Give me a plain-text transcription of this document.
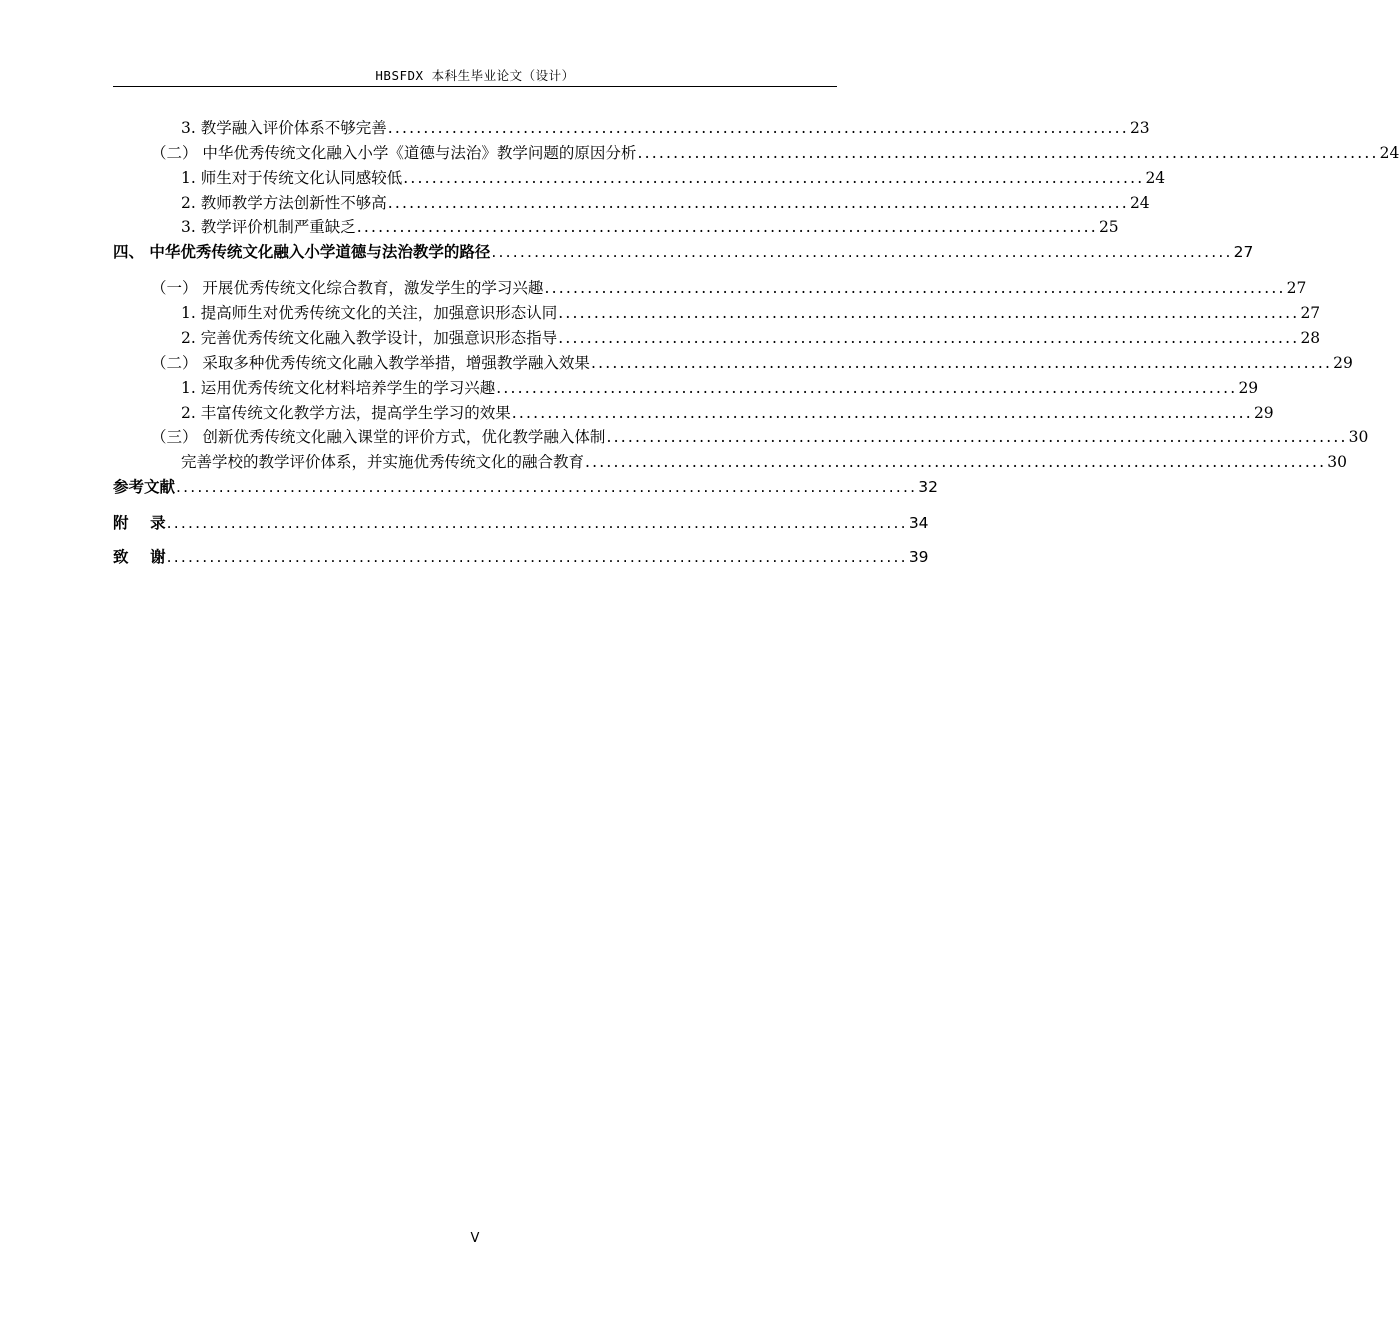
HBSFDX 本科生毕业论文（设计）
3. 教学融入评价体系不够完善 ........................................................................................................ 23
（二） 中华优秀传统文化融入小学《道德与法治》教学问题的原因分析 ........................................................................................................ 24
1. 师生对于传统文化认同感较低 ........................................................................................................ 24
2. 教师教学方法创新性不够高 ........................................................................................................ 24
3. 教学评价机制严重缺乏 ........................................................................................................ 25
四、 中华优秀传统文化融入小学道德与法治教学的路径 ........................................................................................................ 27
（一） 开展优秀传统文化综合教育，激发学生的学习兴趣 ........................................................................................................ 27
1. 提高师生对优秀传统文化的关注，加强意识形态认同 ........................................................................................................ 27
2. 完善优秀传统文化融入教学设计，加强意识形态指导 ........................................................................................................ 28
（二） 采取多种优秀传统文化融入教学举措，增强教学融入效果 ........................................................................................................ 29
1. 运用优秀传统文化材料培养学生的学习兴趣 ........................................................................................................ 29
2. 丰富传统文化教学方法，提高学生学习的效果 ........................................................................................................ 29
（三） 创新优秀传统文化融入课堂的评价方式，优化教学融入体制 ........................................................................................................ 30
完善学校的教学评价体系，并实施优秀传统文化的融合教育 ........................................................................................................ 30
参考文献 ........................................................................................................ 32
附    录 ........................................................................................................ 34
致    谢 ........................................................................................................ 39
V
